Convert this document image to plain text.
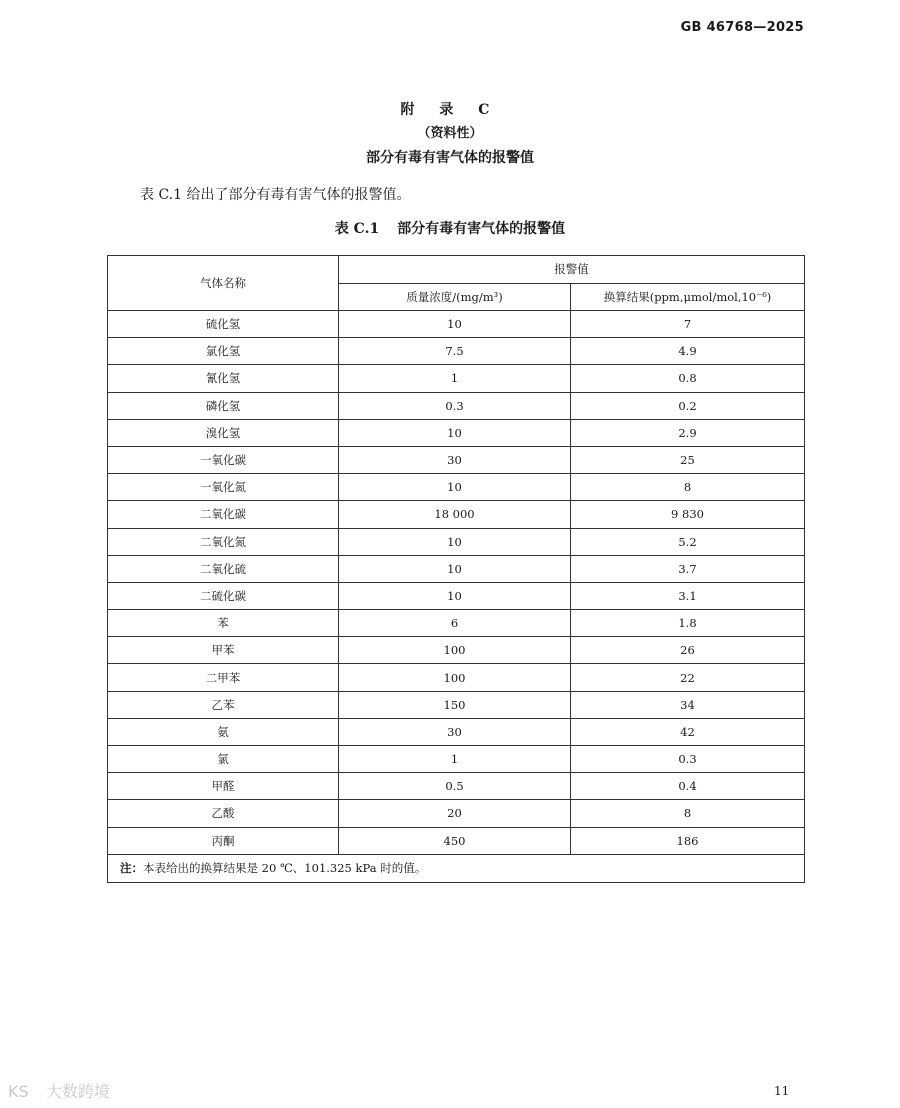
GB 46768—2025
附 录 C
（资料性）
部分有毒有害气体的报警值
表 C.1 给出了部分有毒有害气体的报警值。
表 C.1 部分有毒有害气体的报警值
气体名称	报警值	
	质量浓度/(mg/m³)	换算结果(ppm,μmol/mol,10⁻⁶)
硫化氢	10	7
氯化氢	7.5	4.9
氰化氢	1	0.8
磷化氢	0.3	0.2
溴化氢	10	2.9
一氧化碳	30	25
一氧化氮	10	8
二氧化碳	18 000	9 830
二氧化氮	10	5.2
二氧化硫	10	3.7
二硫化碳	10	3.1
苯	6	1.8
甲苯	100	26
二甲苯	100	22
乙苯	150	34
氨	30	42
氯	1	0.3
甲醛	0.5	0.4
乙酸	20	8
丙酮	450	186
注：本表给出的换算结果是 20 ℃、101.325 kPa 时的值。		
KS 大数跨境	11
